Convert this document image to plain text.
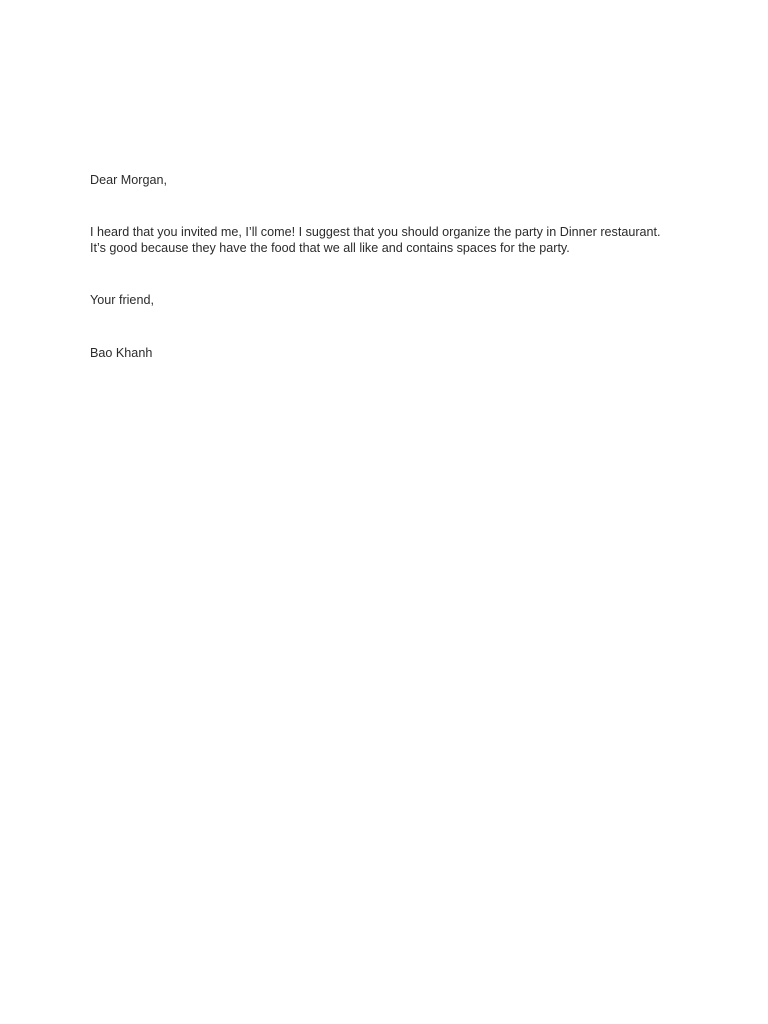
Dear Morgan,

I heard that you invited me, I’ll come! I suggest that you should organize the party in Dinner restaurant.

It’s good because they have the food that we all like and contains spaces for the party.

Your friend,

Bao Khanh
